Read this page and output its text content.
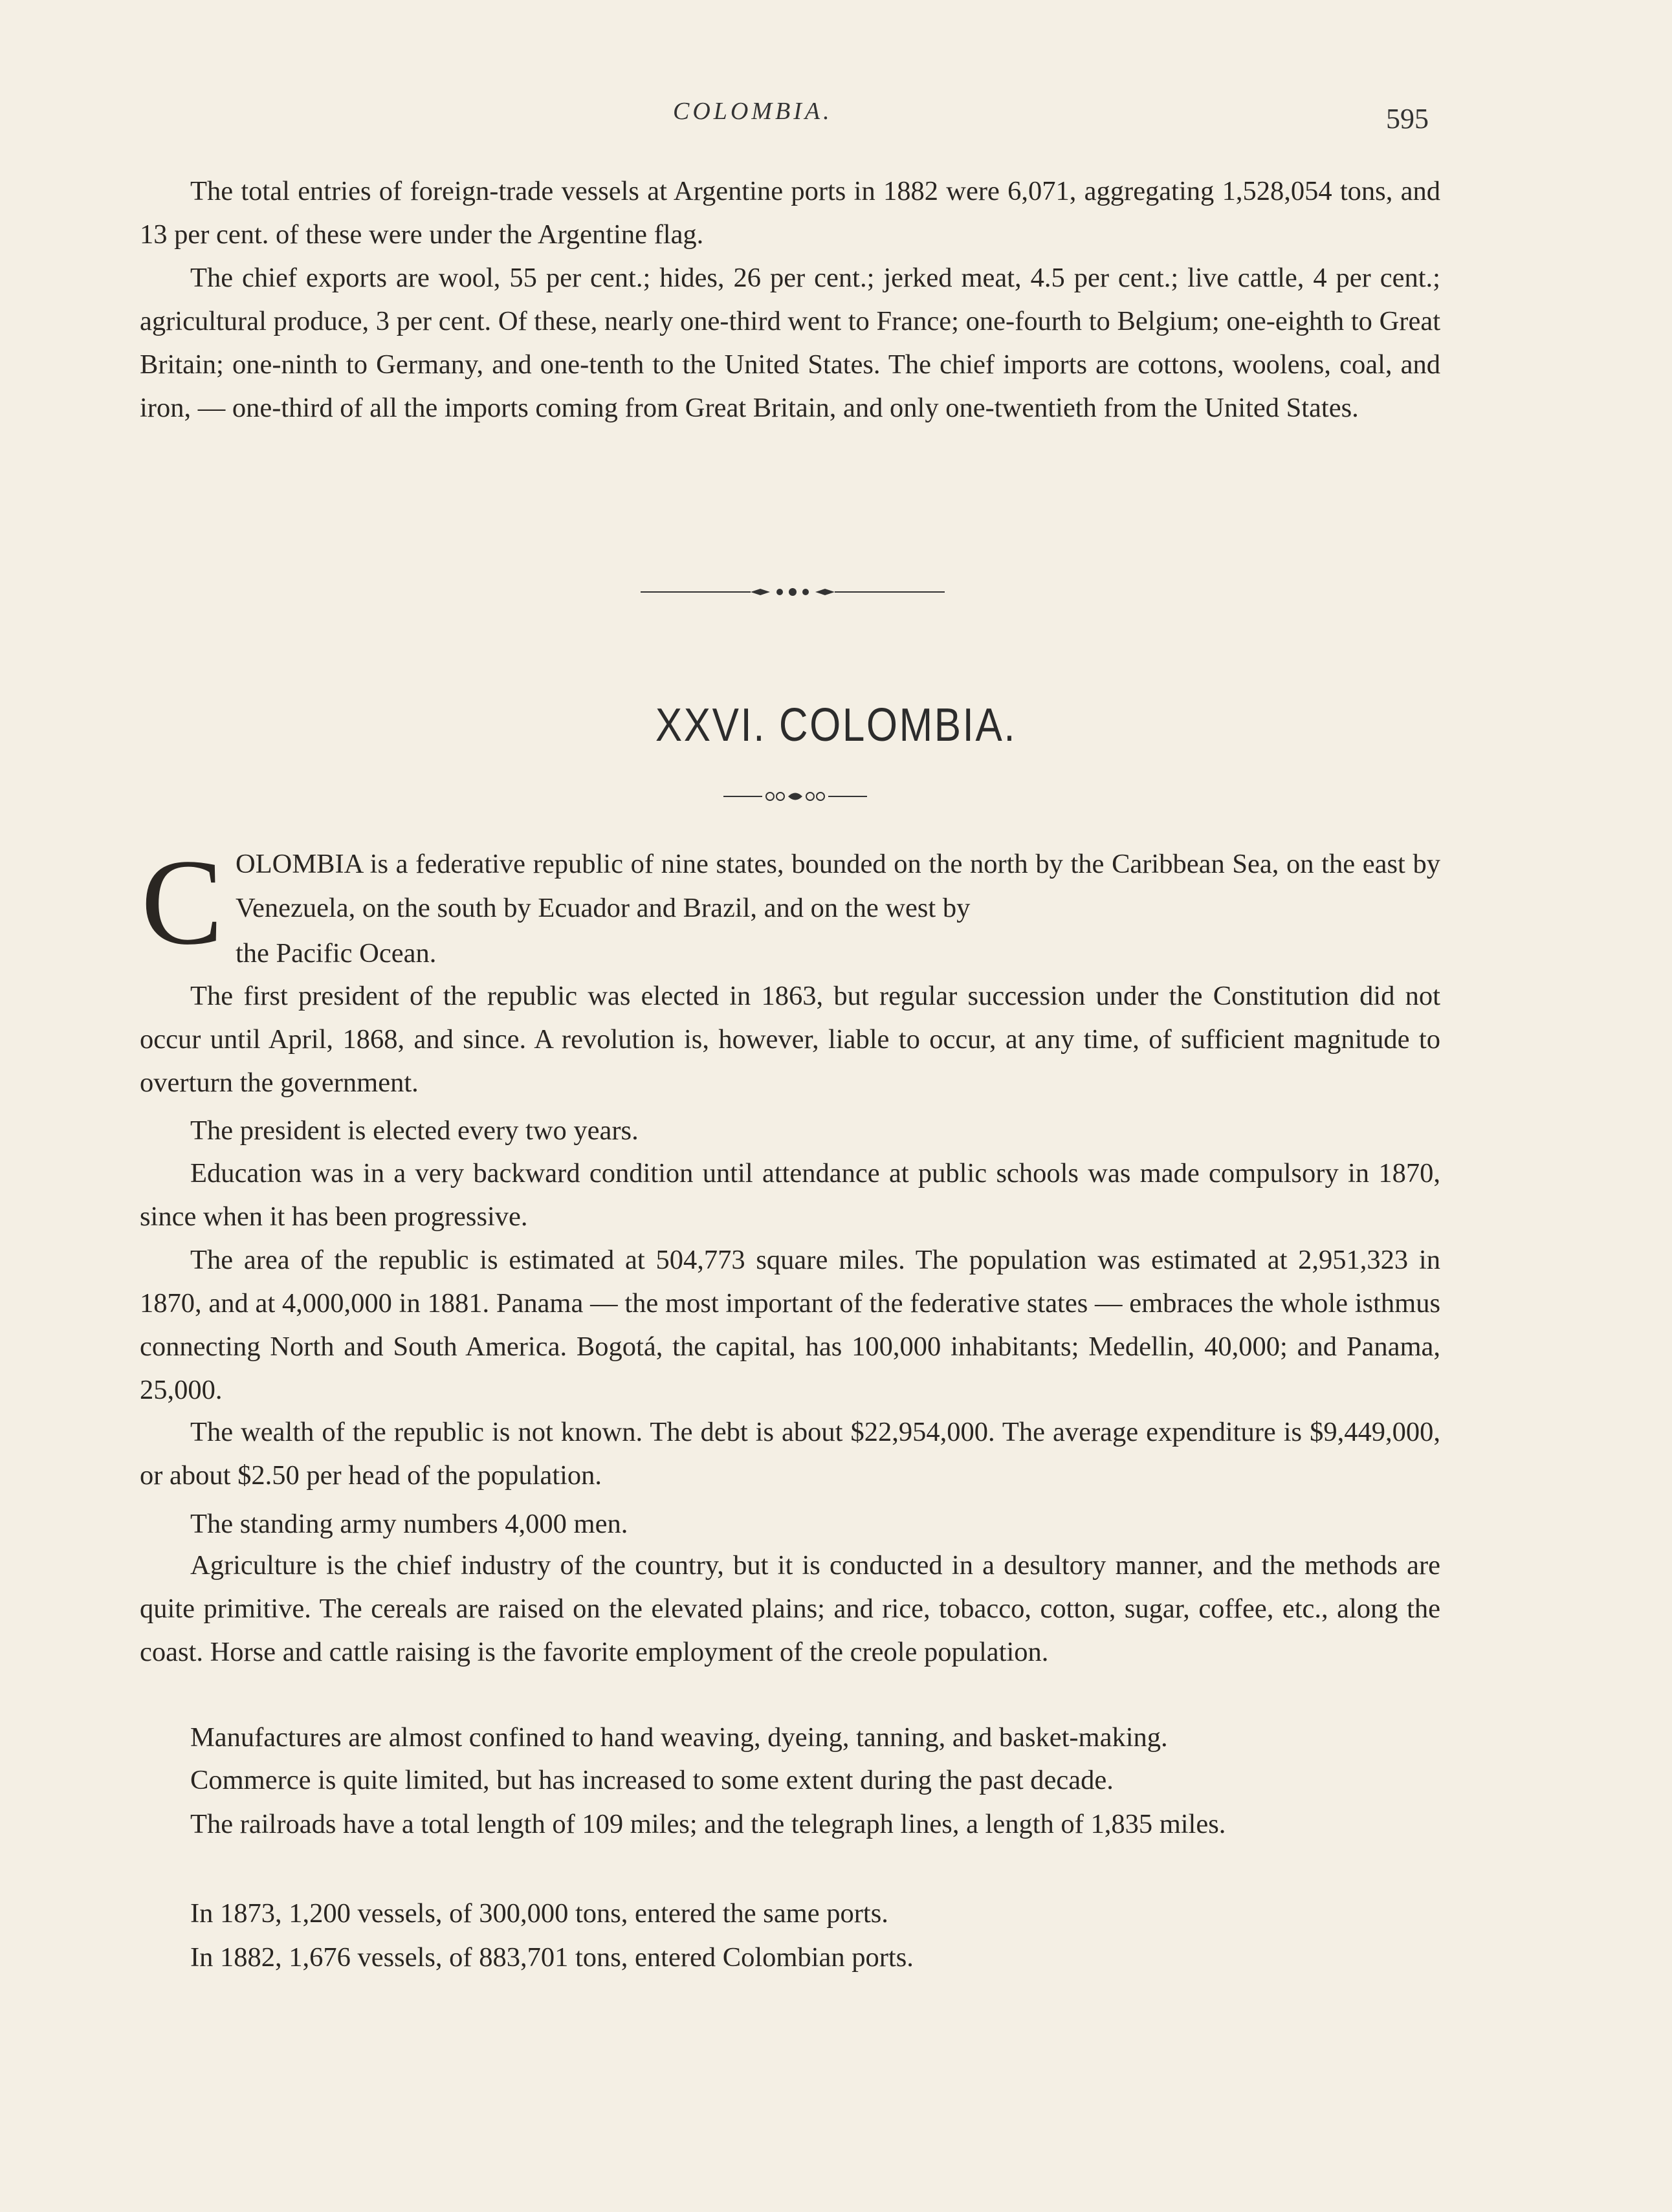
COLOMBIA.	595

The total entries of foreign-trade vessels at Argentine ports in 1882 were 6,071, aggregating 1,528,054 tons, and 13 per cent. of these were under the Argentine flag.

The chief exports are wool, 55 per cent.; hides, 26 per cent.; jerked meat, 4.5 per cent.; live cattle, 4 per cent.; agricultural produce, 3 per cent. Of these, nearly one-third went to France; one-fourth to Belgium; one-eighth to Great Britain; one-ninth to Germany, and one-tenth to the United States. The chief imports are cottons, woolens, coal, and iron, — one-third of all the imports coming from Great Britain, and only one-twentieth from the United States.

XXVI. COLOMBIA.
C OLOMBIA is a federative republic of nine states, bounded on the north by the Caribbean Sea, on the east by Venezuela, on the south by Ecuador and Brazil, and on the west by

the Pacific Ocean.

The first president of the republic was elected in 1863, but regular succession under the Constitution did not occur until April, 1868, and since. A revolution is, however, liable to occur, at any time, of sufficient magnitude to overturn the government.

The president is elected every two years.

Education was in a very backward condition until attendance at public schools was made compulsory in 1870, since when it has been progressive.

The area of the republic is estimated at 504,773 square miles. The population was estimated at 2,951,323 in 1870, and at 4,000,000 in 1881. Panama — the most important of the federative states — embraces the whole isthmus connecting North and South America. Bogotá, the capital, has 100,000 inhabitants; Medellin, 40,000; and Panama, 25,000.

The wealth of the republic is not known. The debt is about $22,954,000. The average expenditure is $9,449,000, or about $2.50 per head of the population.

The standing army numbers 4,000 men.

Agriculture is the chief industry of the country, but it is conducted in a desultory manner, and the methods are quite primitive. The cereals are raised on the elevated plains; and rice, tobacco, cotton, sugar, coffee, etc., along the coast. Horse and cattle raising is the favorite employment of the creole population.

Manufactures are almost confined to hand weaving, dyeing, tanning, and basket-making.

Commerce is quite limited, but has increased to some extent during the past decade.

The railroads have a total length of 109 miles; and the telegraph lines, a length of 1,835 miles.

In 1873, 1,200 vessels, of 300,000 tons, entered the same ports.

In 1882, 1,676 vessels, of 883,701 tons, entered Colombian ports.
